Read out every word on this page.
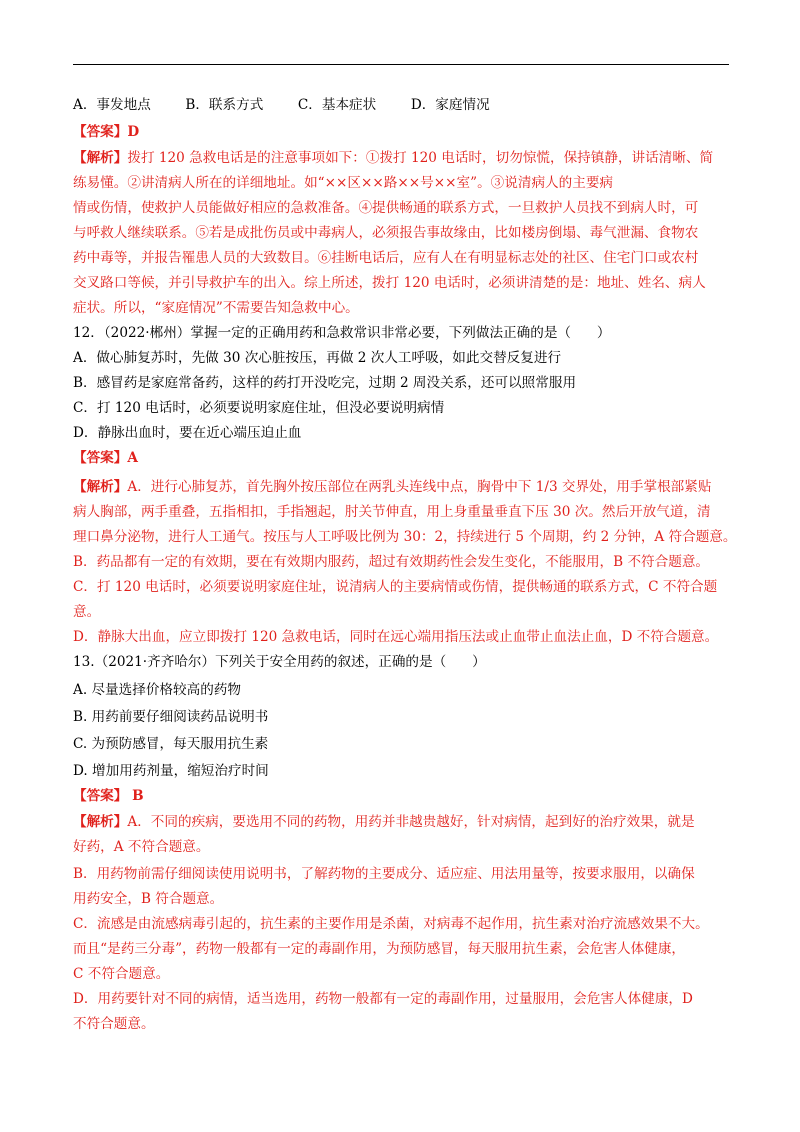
A．事发地点        B．联系方式        C．基本症状        D．家庭情况
【答案】D
【解析】拨打 120 急救电话是的注意事项如下：①拨打 120 电话时，切勿惊慌，保持镇静，讲话清晰、简
练易懂。②讲清病人所在的详细地址。如“××区××路××号××室”。③说清病人的主要病
情或伤情，使救护人员能做好相应的急救准备。④提供畅通的联系方式，一旦救护人员找不到病人时，可
与呼救人继续联系。⑤若是成批伤员或中毒病人，必须报告事故缘由，比如楼房倒塌、毒气泄漏、食物农
药中毒等，并报告罹患人员的大致数目。⑥挂断电话后，应有人在有明显标志处的社区、住宅门口或农村
交叉路口等候，并引导救护车的出入。综上所述，拨打 120 电话时，必须讲清楚的是：地址、姓名、病人
症状。所以，“家庭情况”不需要告知急救中心。
12．（2022·郴州）掌握一定的正确用药和急救常识非常必要，下列做法正确的是（      ）
A．做心肺复苏时，先做 30 次心脏按压，再做 2 次人工呼吸，如此交替反复进行
B．感冒药是家庭常备药，这样的药打开没吃完，过期 2 周没关系，还可以照常服用
C．打 120 电话时，必须要说明家庭住址，但没必要说明病情
D．静脉出血时，要在近心端压迫止血
【答案】A
【解析】A．进行心肺复苏，首先胸外按压部位在两乳头连线中点，胸骨中下 1/3 交界处，用手掌根部紧贴
病人胸部，两手重叠，五指相扣，手指翘起，肘关节伸直，用上身重量垂直下压 30 次。然后开放气道，清
理口鼻分泌物，进行人工通气。按压与人工呼吸比例为 30：2，持续进行 5 个周期，约 2 分钟，A 符合题意。
B．药品都有一定的有效期，要在有效期内服药，超过有效期药性会发生变化，不能服用，B 不符合题意。
C．打 120 电话时，必须要说明家庭住址，说清病人的主要病情或伤情，提供畅通的联系方式，C 不符合题
意。
D．静脉大出血，应立即拨打 120 急救电话，同时在远心端用指压法或止血带止血法止血，D 不符合题意。
13.（2021·齐齐哈尔）下列关于安全用药的叙述，正确的是（      ）
A. 尽量选择价格较高的药物
B. 用药前要仔细阅读药品说明书
C. 为预防感冒，每天服用抗生素
D. 增加用药剂量，缩短治疗时间
【答案】 B
【解析】A．不同的疾病，要选用不同的药物，用药并非越贵越好，针对病情，起到好的治疗效果，就是
好药，A 不符合题意。
B．用药物前需仔细阅读使用说明书，了解药物的主要成分、适应症、用法用量等，按要求服用，以确保
用药安全，B 符合题意。
C．流感是由流感病毒引起的，抗生素的主要作用是杀菌，对病毒不起作用，抗生素对治疗流感效果不大。
而且“是药三分毒”，药物一般都有一定的毒副作用，为预防感冒，每天服用抗生素，会危害人体健康，
C 不符合题意。
D．用药要针对不同的病情，适当选用，药物一般都有一定的毒副作用，过量服用，会危害人体健康，D
不符合题意。
